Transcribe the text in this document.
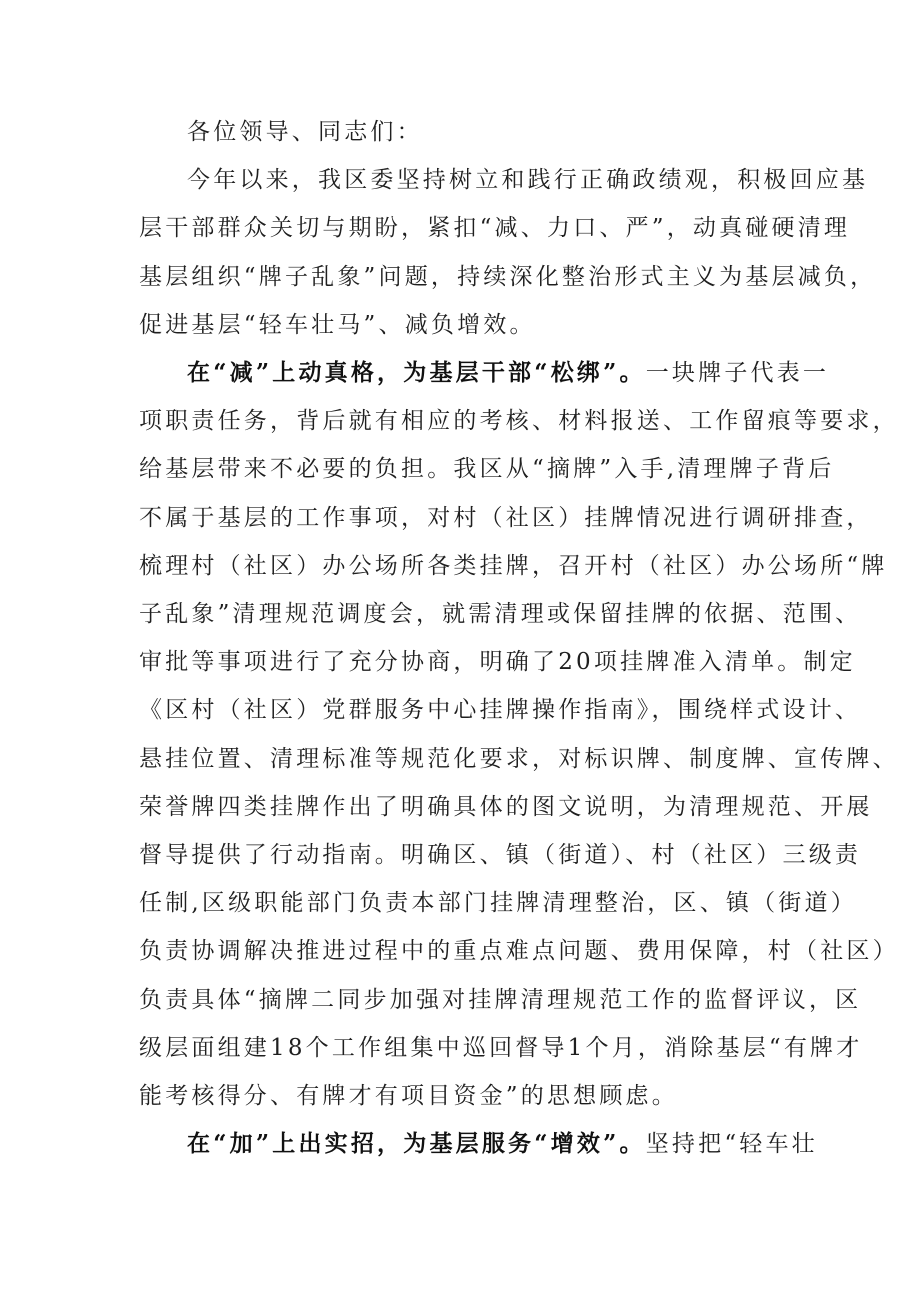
各位领导、同志们：
今年以来，我区委坚持树立和践行正确政绩观，积极回应基
层干部群众关切与期盼，紧扣“减、力口、严”，动真碰硬清理
基层组织“牌子乱象”问题，持续深化整治形式主义为基层减负，
促进基层“轻车壮马”、减负增效。
在“减”上动真格，为基层干部“松绑”。一块牌子代表一
项职责任务，背后就有相应的考核、材料报送、工作留痕等要求，
给基层带来不必要的负担。我区从“摘牌”入手,清理牌子背后
不属于基层的工作事项，对村（社区）挂牌情况进行调研排查，
梳理村（社区）办公场所各类挂牌，召开村（社区）办公场所“牌
子乱象”清理规范调度会，就需清理或保留挂牌的依据、范围、
审批等事项进行了充分协商，明确了20项挂牌准入清单。制定
《区村（社区）党群服务中心挂牌操作指南》，围绕样式设计、
悬挂位置、清理标准等规范化要求，对标识牌、制度牌、宣传牌、
荣誉牌四类挂牌作出了明确具体的图文说明，为清理规范、开展
督导提供了行动指南。明确区、镇（街道）、村（社区）三级责
任制,区级职能部门负责本部门挂牌清理整治，区、镇（街道）
负责协调解决推进过程中的重点难点问题、费用保障，村（社区）
负责具体“摘牌二同步加强对挂牌清理规范工作的监督评议，区
级层面组建18个工作组集中巡回督导1个月，消除基层“有牌才
能考核得分、有牌才有项目资金”的思想顾虑。
在“加”上出实招，为基层服务“增效”。坚持把“轻车壮
